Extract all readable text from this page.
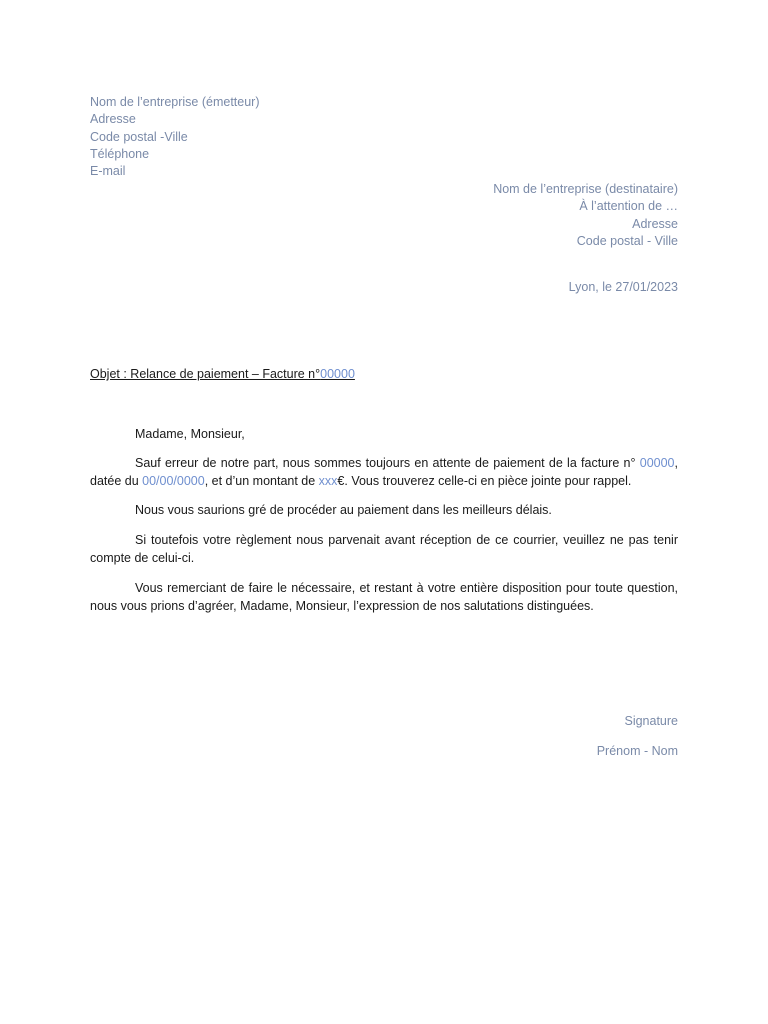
Nom de l’entreprise (émetteur)
Adresse
Code postal -Ville
Téléphone
E-mail
Nom de l’entreprise (destinataire)
À l’attention de …
Adresse
Code postal - Ville
Lyon, le 27/01/2023
Objet : Relance de paiement – Facture n°00000
Madame, Monsieur,
Sauf erreur de notre part, nous sommes toujours en attente de paiement de la facture n° 00000, datée du 00/00/0000, et d’un montant de xxx€. Vous trouverez celle-ci en pièce jointe pour rappel.
Nous vous saurions gré de procéder au paiement dans les meilleurs délais.
Si toutefois votre règlement nous parvenait avant réception de ce courrier, veuillez ne pas tenir compte de celui-ci.
Vous remerciant de faire le nécessaire, et restant à votre entière disposition pour toute question, nous vous prions d’agréer, Madame, Monsieur, l’expression de nos salutations distinguées.
Signature
Prénom - Nom
